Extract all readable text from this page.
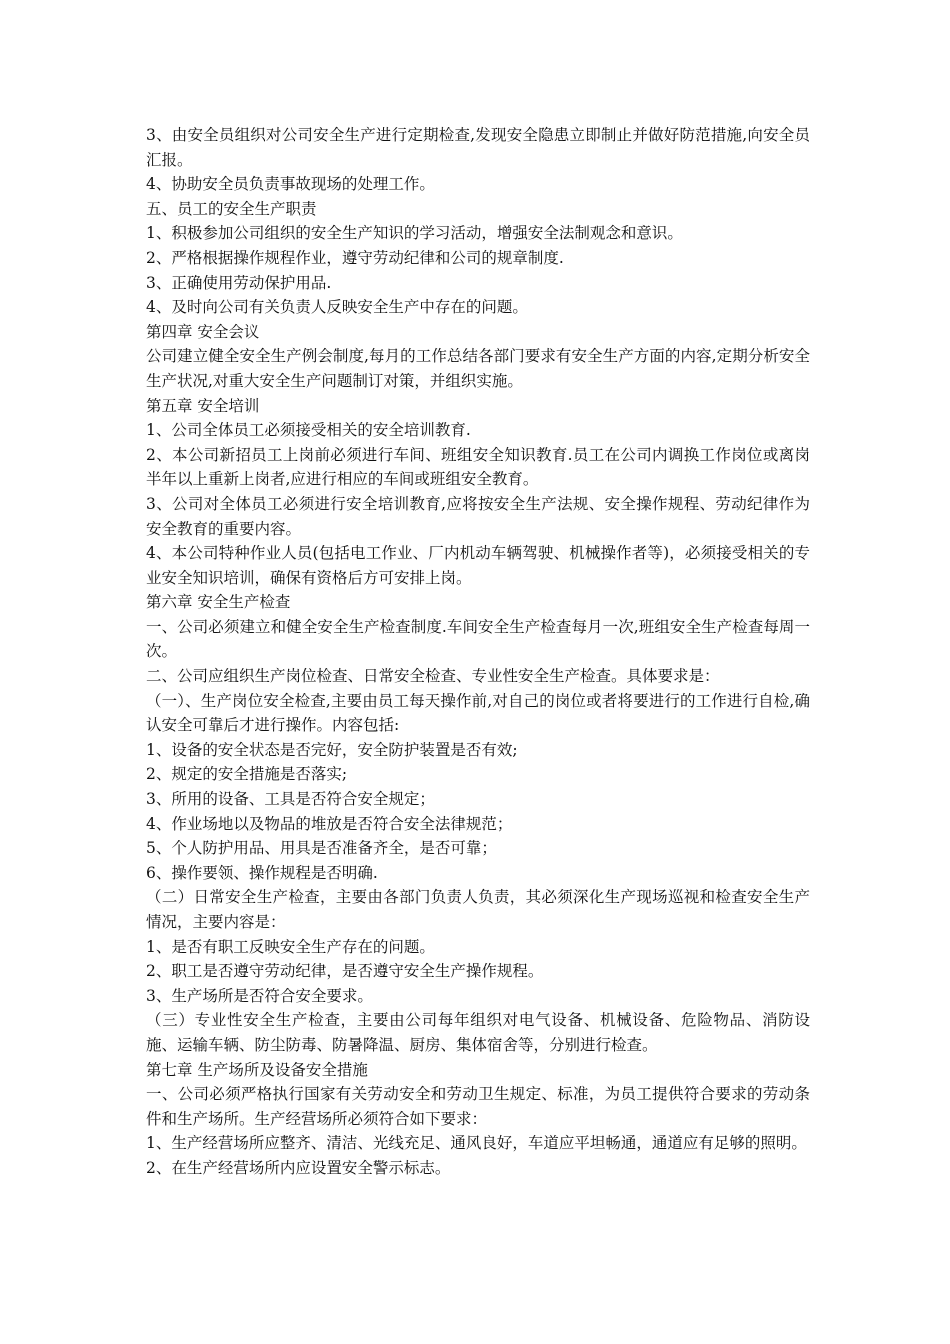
3、由安全员组织对公司安全生产进行定期检查,发现安全隐患立即制止并做好防范措施,向安全员汇报。

4、协助安全员负责事故现场的处理工作。

五、员工的安全生产职责

1、积极参加公司组织的安全生产知识的学习活动，增强安全法制观念和意识。

2、严格根据操作规程作业，遵守劳动纪律和公司的规章制度.

3、正确使用劳动保护用品.

4、及时向公司有关负责人反映安全生产中存在的问题。

第四章 安全会议

公司建立健全安全生产例会制度,每月的工作总结各部门要求有安全生产方面的内容,定期分析安全生产状况,对重大安全生产问题制订对策，并组织实施。

第五章 安全培训

1、公司全体员工必须接受相关的安全培训教育.

2、本公司新招员工上岗前必须进行车间、班组安全知识教育.员工在公司内调换工作岗位或离岗半年以上重新上岗者,应进行相应的车间或班组安全教育。

3、公司对全体员工必须进行安全培训教育,应将按安全生产法规、安全操作规程、劳动纪律作为安全教育的重要内容。

4、本公司特种作业人员(包括电工作业、厂内机动车辆驾驶、机械操作者等)，必须接受相关的专业安全知识培训，确保有资格后方可安排上岗。

第六章 安全生产检查

一、公司必须建立和健全安全生产检查制度.车间安全生产检查每月一次,班组安全生产检查每周一次。

二、公司应组织生产岗位检查、日常安全检查、专业性安全生产检查。具体要求是：

（一）、生产岗位安全检查,主要由员工每天操作前,对自己的岗位或者将要进行的工作进行自检,确认安全可靠后才进行操作。内容包括:

1、设备的安全状态是否完好，安全防护装置是否有效;

2、规定的安全措施是否落实;

3、所用的设备、工具是否符合安全规定；

4、作业场地以及物品的堆放是否符合安全法律规范；

5、个人防护用品、用具是否准备齐全，是否可靠；

6、操作要领、操作规程是否明确.

（二）日常安全生产检查，主要由各部门负责人负责，其必须深化生产现场巡视和检查安全生产情况，主要内容是：

1、是否有职工反映安全生产存在的问题。

2、职工是否遵守劳动纪律，是否遵守安全生产操作规程。

3、生产场所是否符合安全要求。

（三）专业性安全生产检查，主要由公司每年组织对电气设备、机械设备、危险物品、消防设施、运输车辆、防尘防毒、防暑降温、厨房、集体宿舍等，分别进行检查。

第七章 生产场所及设备安全措施

一、公司必须严格执行国家有关劳动安全和劳动卫生规定、标准，为员工提供符合要求的劳动条件和生产场所。生产经营场所必须符合如下要求：

1、生产经营场所应整齐、清洁、光线充足、通风良好，车道应平坦畅通，通道应有足够的照明。

2、在生产经营场所内应设置安全警示标志。
